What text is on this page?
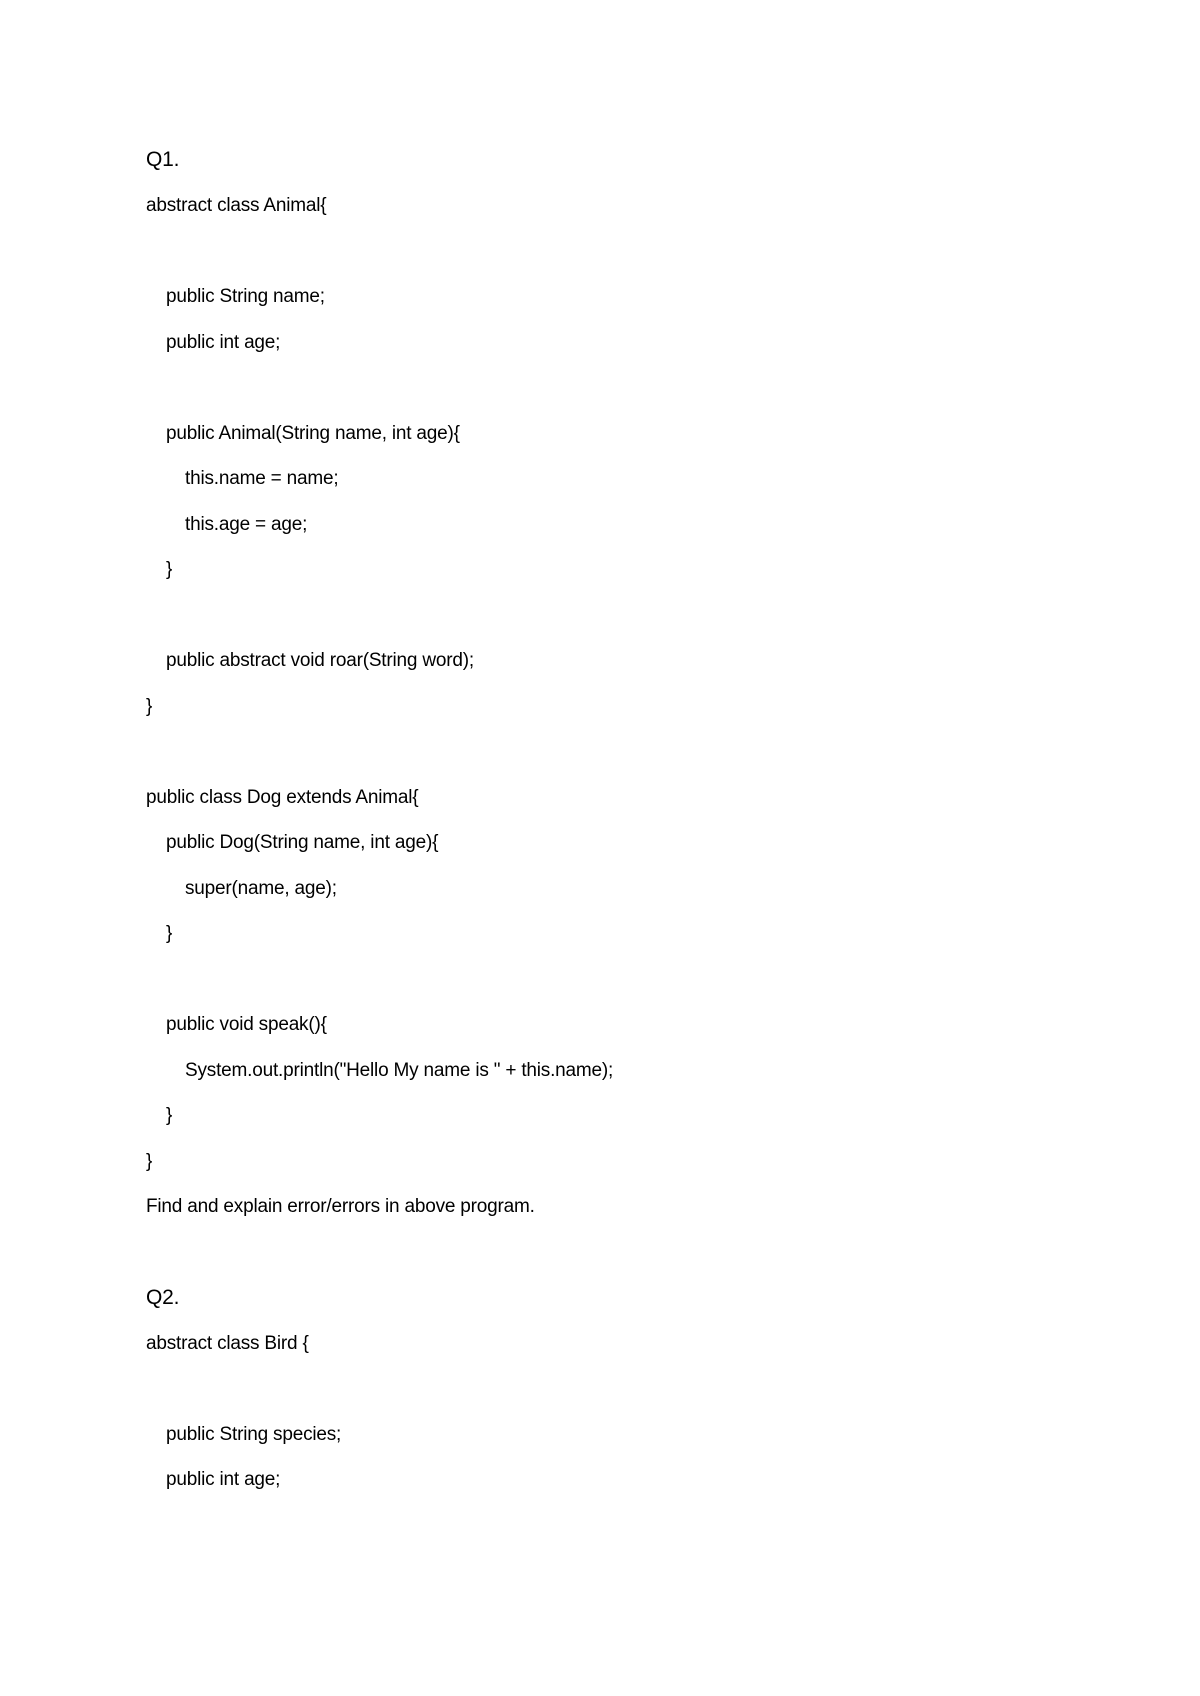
Q1.
abstract class Animal{
public String name;
public int age;
public Animal(String name, int age){
this.name = name;
this.age = age;
}
public abstract void roar(String word);
}
public class Dog extends Animal{
public Dog(String name, int age){
super(name, age);
}
public void speak(){
System.out.println("Hello My name is " + this.name);
}
}
Find and explain error/errors in above program.
Q2.
abstract class Bird {
public String species;
public int age;
